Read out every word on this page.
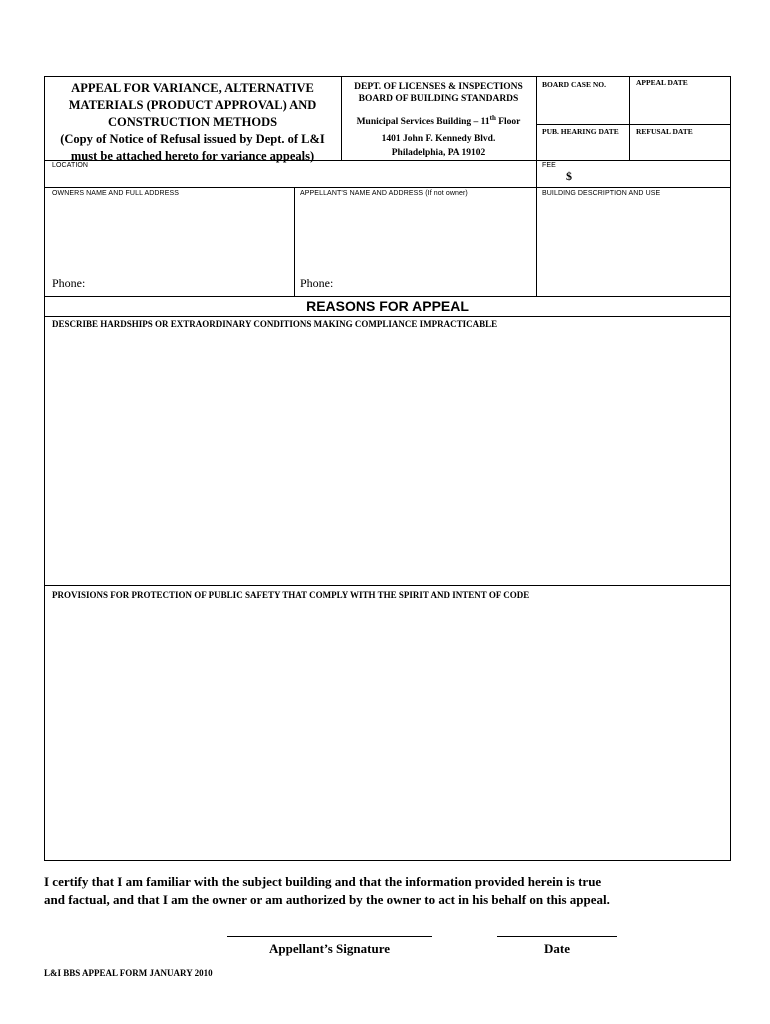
APPEAL FOR VARIANCE, ALTERNATIVE
MATERIALS (PRODUCT APPROVAL) AND
CONSTRUCTION METHODS
(Copy of Notice of Refusal issued by Dept. of L&I
must be attached hereto for variance appeals)
DEPT. OF LICENSES & INSPECTIONS
BOARD OF BUILDING STANDARDS
Municipal Services Building – 11th Floor
1401 John F. Kennedy Blvd.
Philadelphia, PA 19102
BOARD CASE NO.	APPEAL DATE
PUB. HEARING DATE REFUSAL DATE
LOCATION	FEE
$
OWNERS NAME AND FULL ADDRESS	APPELLANT'S NAME AND ADDRESS (If not owner)	BUILDING DESCRIPTION AND USE
Phone:	Phone:
REASONS FOR APPEAL
DESCRIBE HARDSHIPS OR EXTRAORDINARY CONDITIONS MAKING COMPLIANCE IMPRACTICABLE
PROVISIONS FOR PROTECTION OF PUBLIC SAFETY THAT COMPLY WITH THE SPIRIT AND INTENT OF CODE
I certify that I am familiar with the subject building and that the information provided herein is true
and factual, and that I am the owner or am authorized by the owner to act in his behalf on this appeal.
Appellant’s Signature	Date
L&I BBS APPEAL FORM JANUARY 2010
